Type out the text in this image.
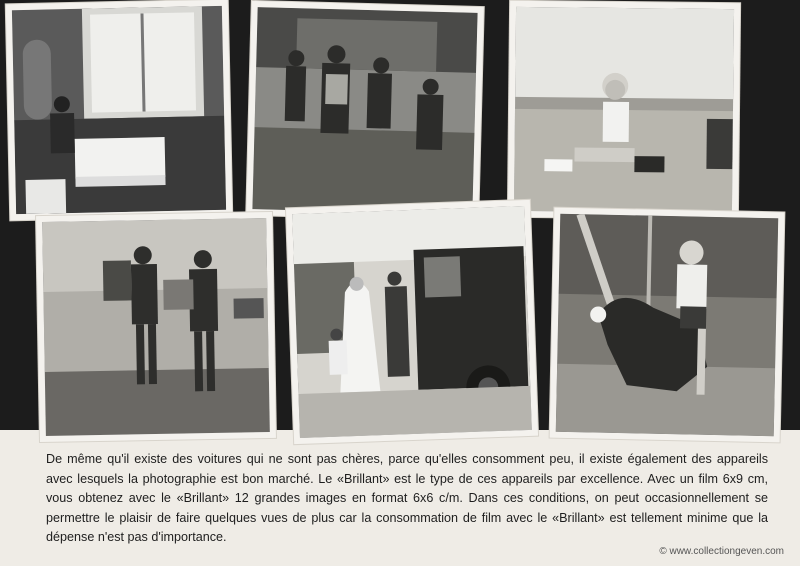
De même qu'il existe des voitures qui ne sont pas chères, parce qu'elles consomment peu, il existe également des appareils avec lesquels la photographie est bon marché. Le «Brillant» est le type de ces appareils par excellence. Avec un film 6x9 cm, vous obtenez avec le «Brillant» 12 grandes images en format 6x6 c/m. Dans ces conditions, on peut occasionnellement se permettre le plaisir de faire quelques vues de plus car la consommation de film avec le «Brillant» est tellement minime que la dépense n'est pas d'importance.

© www.collectiongeven.com
